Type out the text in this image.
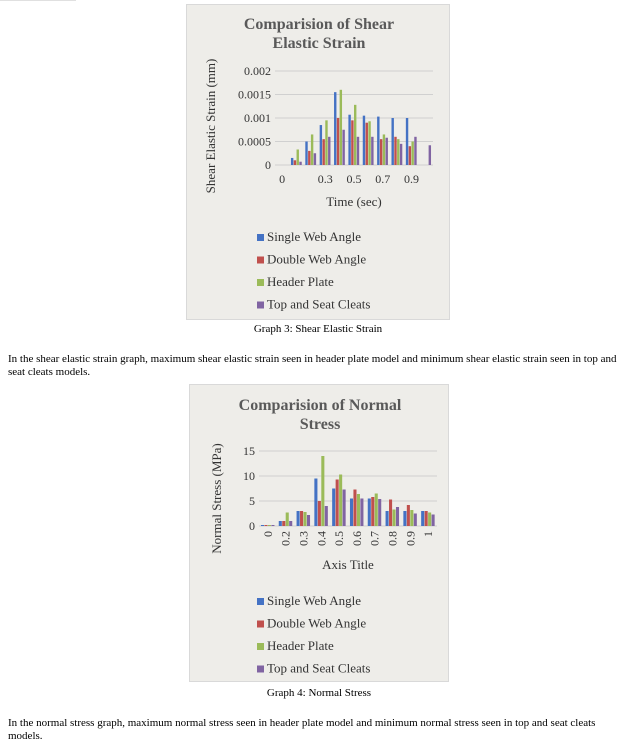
Comparision of Shear
Elastic Strain
0
0.0005
0.001
0.0015
0.002
0	0.3 0.5 0.7 0.9
Time (sec)
Shear Elastic Strain (mm)
Single Web Angle
Double Web Angle
Header Plate
Top and Seat Cleats
Graph 3: Shear Elastic Strain
In the shear elastic strain graph, maximum shear elastic strain seen in header plate model and minimum shear elastic strain seen in top and seat cleats models.
Comparision of Normal
Stress
0
5
10
15
0 0.2 0.3 0.4 0.5 0.6 0.7 0.8 0.9 1
Axis Title
Normal Stress (MPa)
Single Web Angle
Double Web Angle
Header Plate
Top and Seat Cleats
Graph 4: Normal Stress
In the normal stress graph, maximum normal stress seen in header plate model and minimum normal stress seen in top and seat cleats models.
